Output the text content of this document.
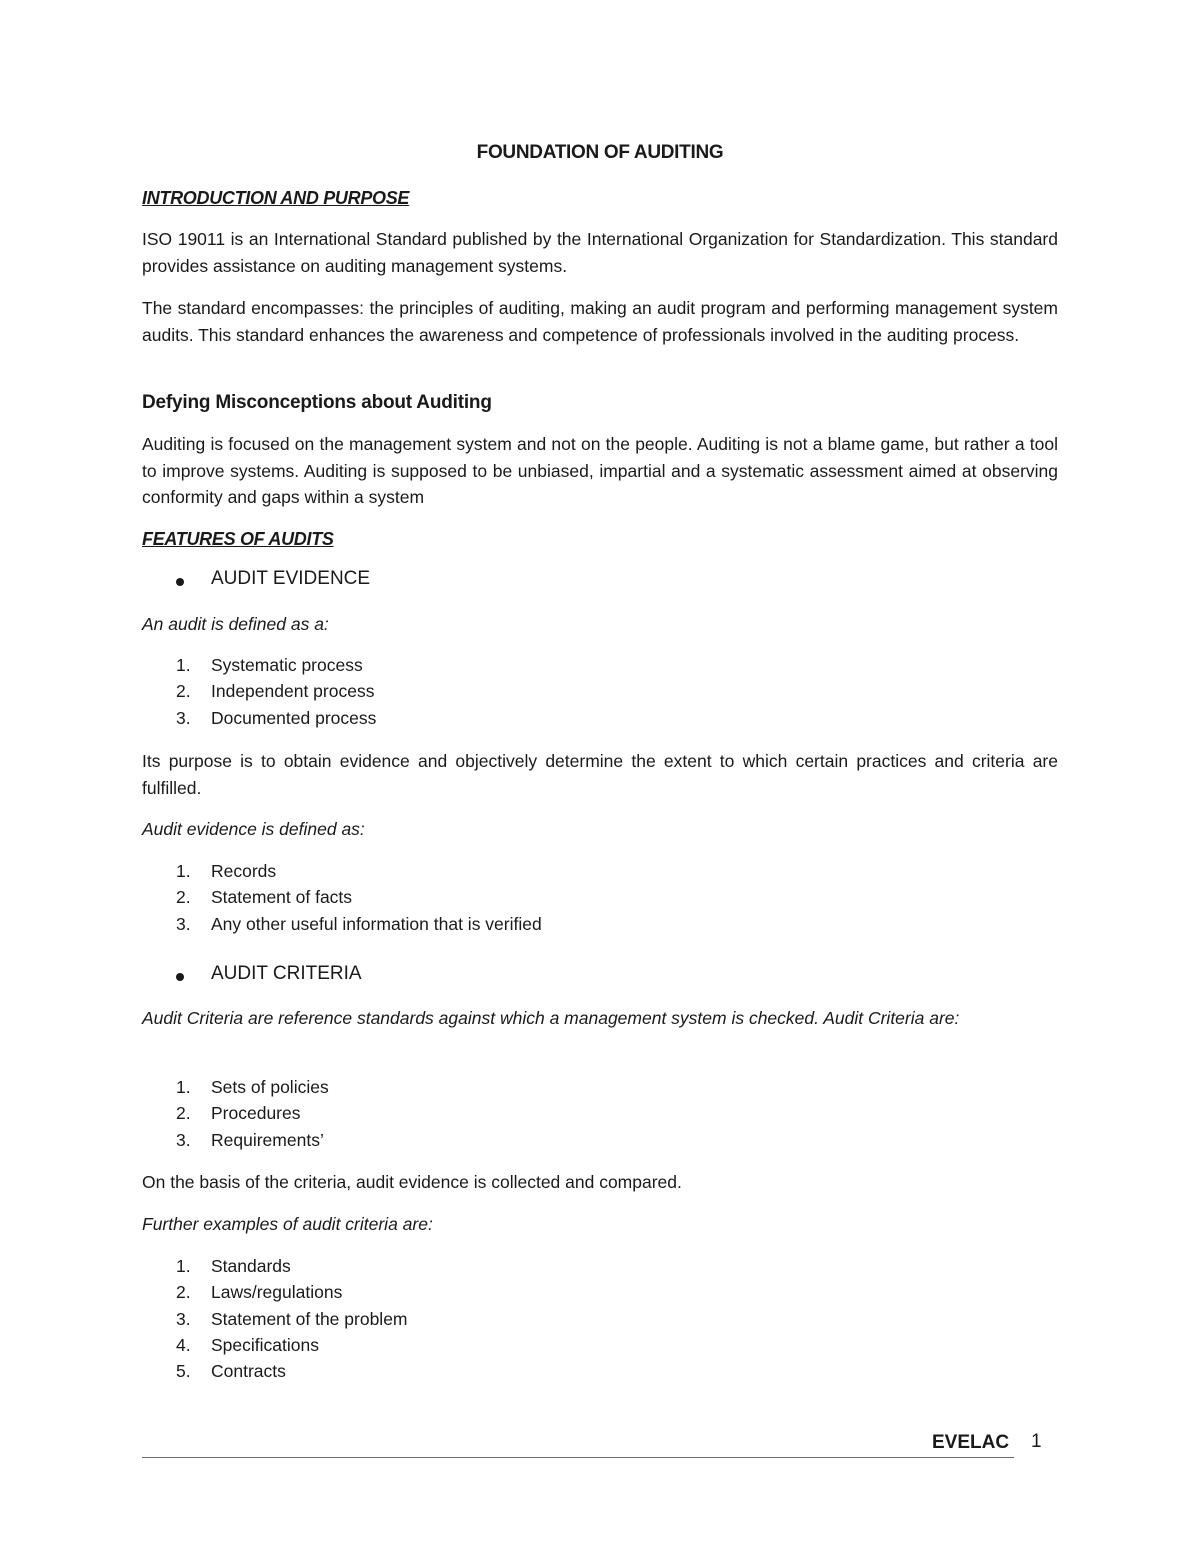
FOUNDATION OF AUDITING
INTRODUCTION AND PURPOSE
ISO 19011 is an International Standard published by the International Organization for Standardization. This standard provides assistance on auditing management systems.
The standard encompasses: the principles of auditing, making an audit program and performing management system audits. This standard enhances the awareness and competence of professionals involved in the auditing process.
Defying Misconceptions about Auditing
Auditing is focused on the management system and not on the people. Auditing is not a blame game, but rather a tool to improve systems. Auditing is supposed to be unbiased, impartial and a systematic assessment aimed at observing conformity and gaps within a system
FEATURES OF AUDITS
AUDIT EVIDENCE
An audit is defined as a:
1.	Systematic process
2.	Independent process
3.	Documented process
Its purpose is to obtain evidence and objectively determine the extent to which certain practices and criteria are fulfilled.
Audit evidence is defined as:
1.	Records
2.	Statement of facts
3.	Any other useful information that is verified
AUDIT CRITERIA
Audit Criteria are reference standards against which a management system is checked. Audit Criteria are:
1.	Sets of policies
2.	Procedures
3.	Requirements’
On the basis of the criteria, audit evidence is collected and compared.
Further examples of audit criteria are:
1.	Standards
2.	Laws/regulations
3.	Statement of the problem
4.	Specifications
5.	Contracts
EVELAC 1
